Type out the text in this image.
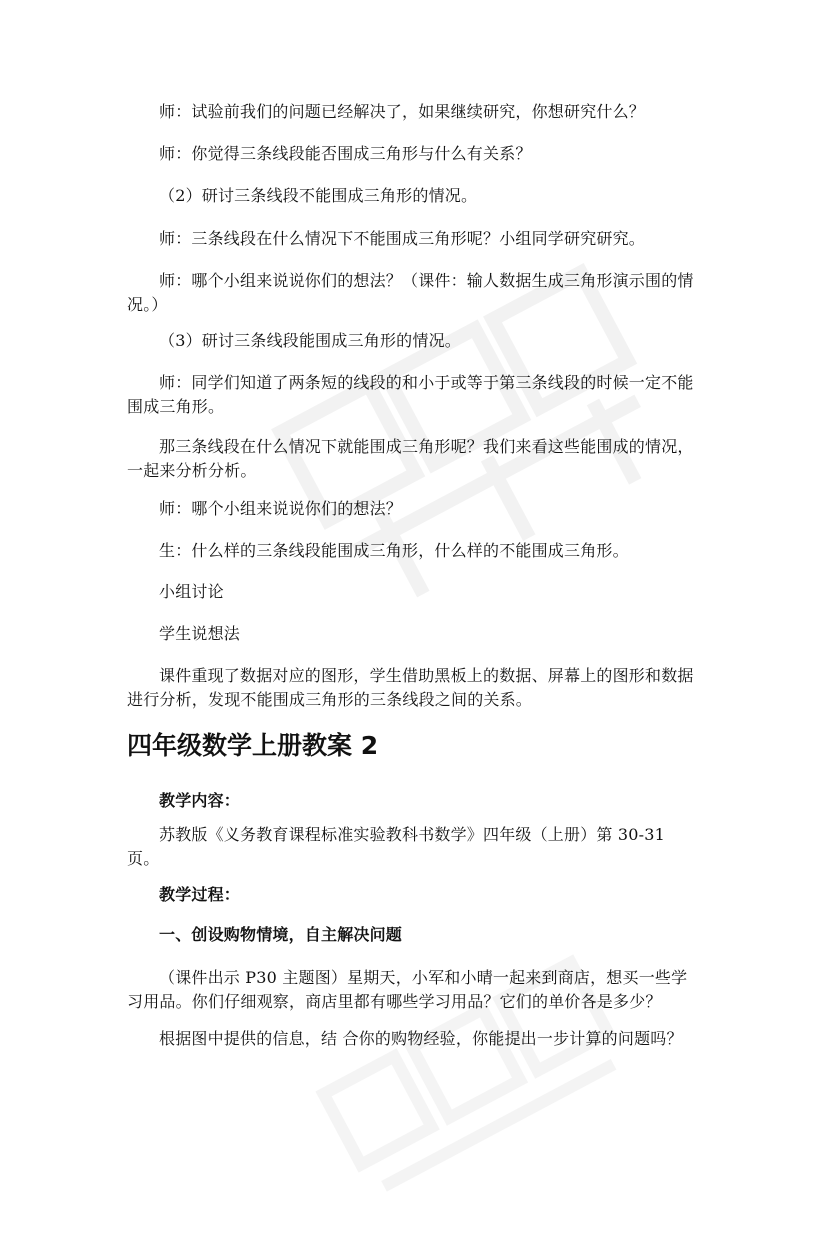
师：试验前我们的问题已经解决了，如果继续研究，你想研究什么？

师：你觉得三条线段能否围成三角形与什么有关系？

（2）研讨三条线段不能围成三角形的情况。

师：三条线段在什么情况下不能围成三角形呢？小组同学研究研究。

师：哪个小组来说说你们的想法？（课件：输人数据生成三角形演示围的情况。）

（3）研讨三条线段能围成三角形的情况。

师：同学们知道了两条短的线段的和小于或等于第三条线段的时候一定不能围成三角形。

那三条线段在什么情况下就能围成三角形呢？我们来看这些能围成的情况，一起来分析分析。

师：哪个小组来说说你们的想法？

生：什么样的三条线段能围成三角形，什么样的不能围成三角形。

小组讨论

学生说想法

课件重现了数据对应的图形，学生借助黑板上的数据、屏幕上的图形和数据进行分析，发现不能围成三角形的三条线段之间的关系。

四年级数学上册教案 2

教学内容：

苏教版《义务教育课程标准实验教科书数学》四年级（上册）第 30-31 页。

教学过程：

一、创设购物情境，自主解决问题

（课件出示 P30 主题图）星期天，小军和小晴一起来到商店，想买一些学习用品。你们仔细观察，商店里都有哪些学习用品？它们的单价各是多少？

根据图中提供的信息，结 合你的购物经验，你能提出一步计算的问题吗？
